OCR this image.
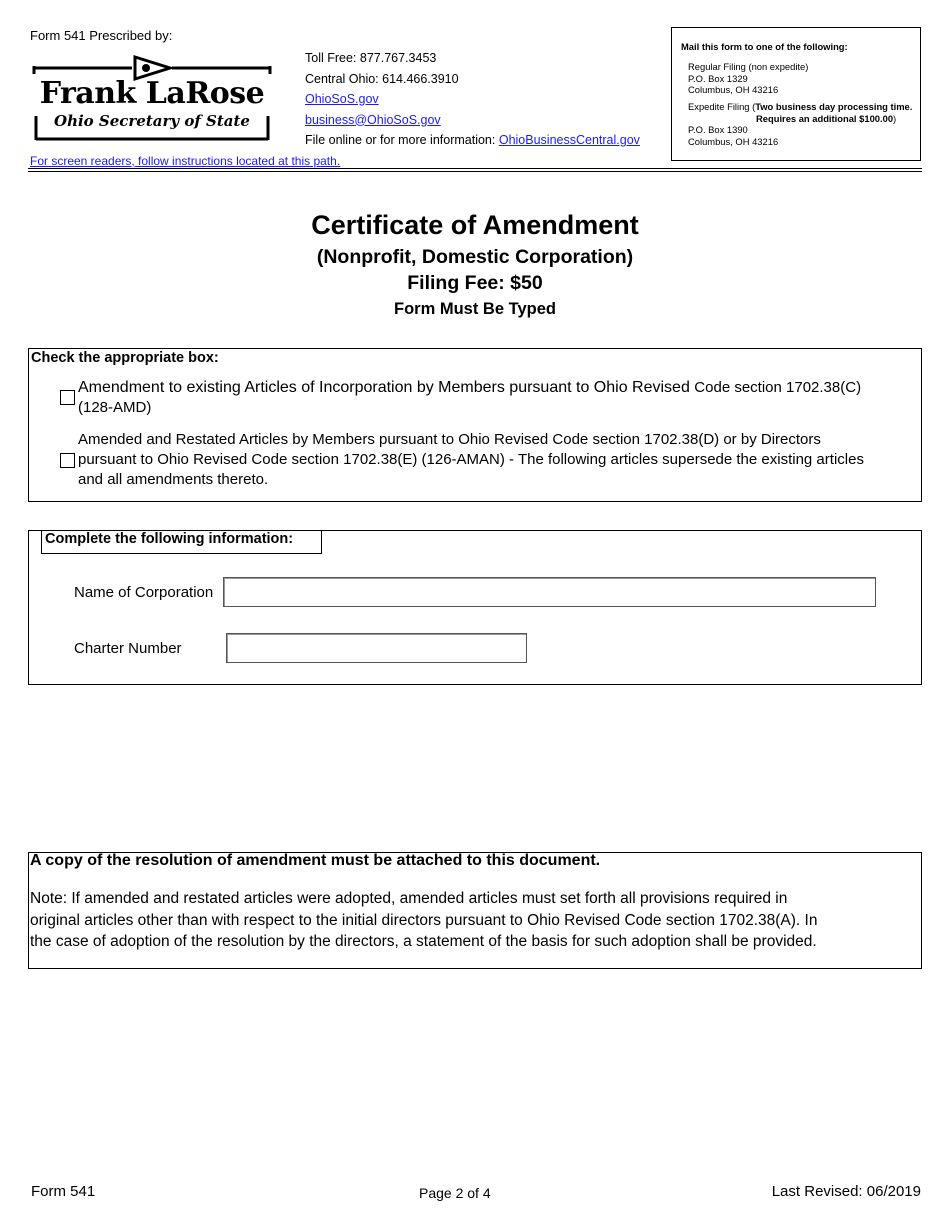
Form 541 Prescribed by:
Frank LaRose
Ohio Secretary of State
Toll Free: 877.767.3453
Central Ohio: 614.466.3910
OhioSoS.gov
business@OhioSoS.gov
File online or for more information: OhioBusinessCentral.gov
For screen readers, follow instructions located at this path.
Mail this form to one of the following:
Regular Filing (non expedite)
P.O. Box 1329
Columbus, OH 43216
Expedite Filing (Two business day processing time.
Requires an additional $100.00)
P.O. Box 1390
Columbus, OH 43216
Certificate of Amendment
(Nonprofit, Domestic Corporation)
Filing Fee: $50
Form Must Be Typed
Check the appropriate box:
Amendment to existing Articles of Incorporation by Members pursuant to Ohio Revised Code section 1702.38(C)
(128-AMD)
Amended and Restated Articles by Members pursuant to Ohio Revised Code section 1702.38(D) or by Directors
pursuant to Ohio Revised Code section 1702.38(E) (126-AMAN) - The following articles supersede the existing articles
and all amendments thereto.
Complete the following information:
Name of Corporation
Charter Number
A copy of the resolution of amendment must be attached to this document.
Note: If amended and restated articles were adopted, amended articles must set forth all provisions required in
original articles other than with respect to the initial directors pursuant to Ohio Revised Code section 1702.38(A). In
the case of adoption of the resolution by the directors, a statement of the basis for such adoption shall be provided.
Form 541	Page 2 of 4	Last Revised: 06/2019
